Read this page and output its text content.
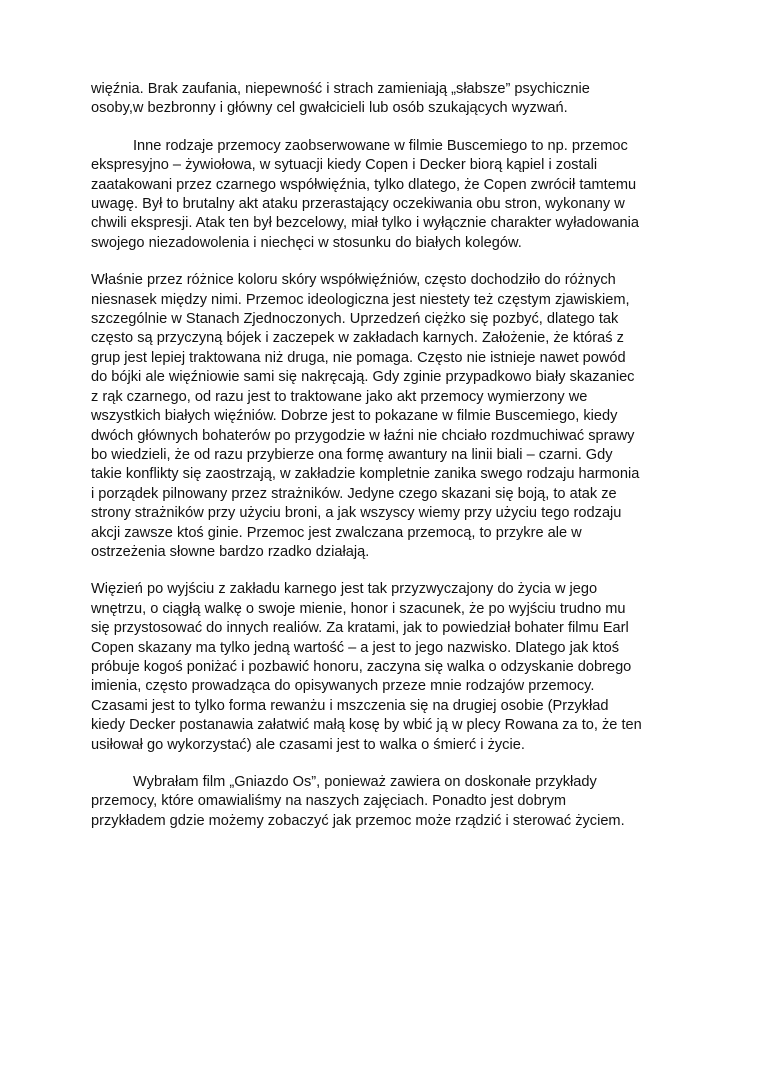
więźnia. Brak zaufania, niepewność i strach zamieniają „słabsze” psychicznie
osoby,w bezbronny i główny cel gwałcicieli lub osób szukających wyzwań.
Inne rodzaje przemocy zaobserwowane w filmie Buscemiego to np. przemoc
ekspresyjno – żywiołowa, w sytuacji kiedy Copen i Decker biorą kąpiel i zostali
zaatakowani przez czarnego współwięźnia, tylko dlatego, że Copen zwrócił tamtemu
uwagę. Był to brutalny akt ataku przerastający oczekiwania obu stron, wykonany w
chwili ekspresji. Atak ten był bezcelowy, miał tylko i wyłącznie charakter wyładowania
swojego niezadowolenia i niechęci w stosunku do białych kolegów.
Właśnie przez różnice koloru skóry współwięźniów, często dochodziło do różnych
niesnasek między nimi. Przemoc ideologiczna jest niestety też częstym zjawiskiem,
szczególnie w Stanach Zjednoczonych. Uprzedzeń ciężko się pozbyć, dlatego tak
często są przyczyną bójek i zaczepek w zakładach karnych. Założenie, że któraś z
grup jest lepiej traktowana niż druga, nie pomaga. Często nie istnieje nawet powód
do bójki ale więźniowie sami się nakręcają. Gdy zginie przypadkowo biały skazaniec
z rąk czarnego, od razu jest to traktowane jako akt przemocy wymierzony we
wszystkich białych więźniów. Dobrze jest to pokazane w filmie Buscemiego, kiedy
dwóch głównych bohaterów po przygodzie w łaźni nie chciało rozdmuchiwać sprawy
bo wiedzieli, że od razu przybierze ona formę awantury na linii biali – czarni. Gdy
takie konflikty się zaostrzają, w zakładzie kompletnie zanika swego rodzaju harmonia
i porządek pilnowany przez strażników. Jedyne czego skazani się boją, to atak ze
strony strażników przy użyciu broni, a jak wszyscy wiemy przy użyciu tego rodzaju
akcji zawsze ktoś ginie. Przemoc jest zwalczana przemocą, to przykre ale w
ostrzeżenia słowne bardzo rzadko działają.
Więzień po wyjściu z zakładu karnego jest tak przyzwyczajony do życia w jego
wnętrzu, o ciągłą walkę o swoje mienie, honor i szacunek, że po wyjściu trudno mu
się przystosować do innych realiów. Za kratami, jak to powiedział bohater filmu Earl
Copen skazany ma tylko jedną wartość – a jest to jego nazwisko. Dlatego jak ktoś
próbuje kogoś poniżać i pozbawić honoru, zaczyna się walka o odzyskanie dobrego
imienia, często prowadząca do opisywanych przeze mnie rodzajów przemocy.
Czasami jest to tylko forma rewanżu i mszczenia się na drugiej osobie (Przykład
kiedy Decker postanawia załatwić małą kosę by wbić ją w plecy Rowana za to, że ten
usiłował go wykorzystać) ale czasami jest to walka o śmierć i życie.
Wybrałam film „Gniazdo Os”, ponieważ zawiera on doskonałe przykłady
przemocy, które omawialiśmy na naszych zajęciach. Ponadto jest dobrym
przykładem gdzie możemy zobaczyć jak przemoc może rządzić i sterować życiem.
